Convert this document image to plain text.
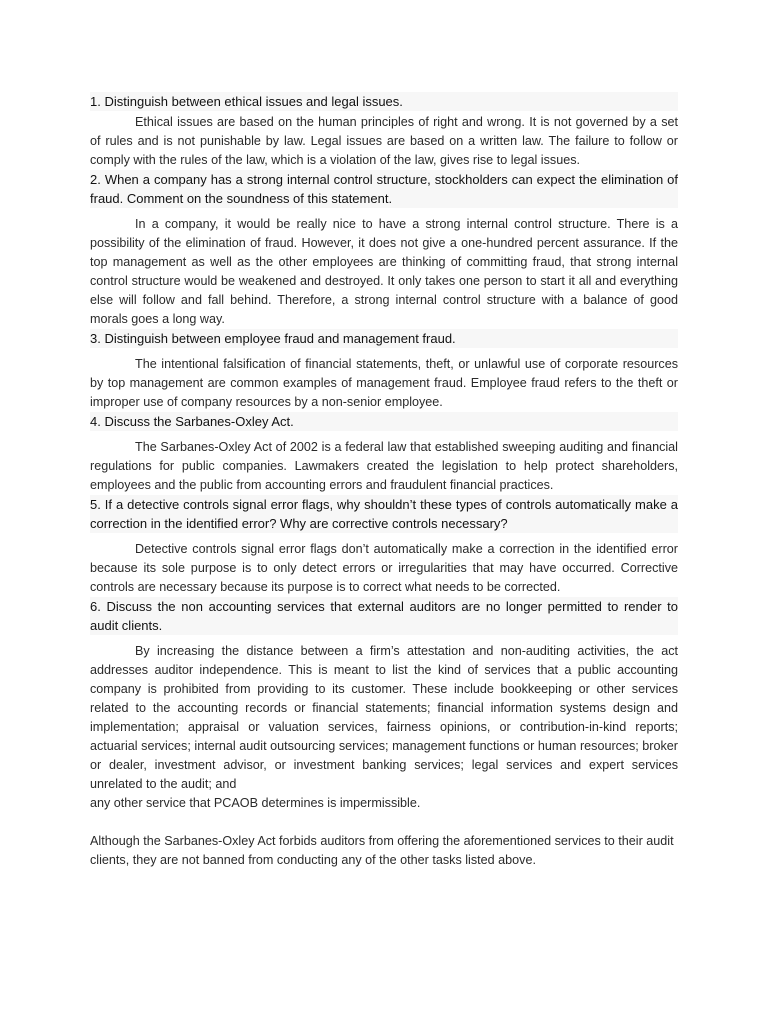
1. Distinguish between ethical issues and legal issues.

Ethical issues are based on the human principles of right and wrong. It is not governed by a set of rules and is not punishable by law. Legal issues are based on a written law. The failure to follow or comply with the rules of the law, which is a violation of the law, gives rise to legal issues.

2. When a company has a strong internal control structure, stockholders can expect the elimination of fraud. Comment on the soundness of this statement.

In a company, it would be really nice to have a strong internal control structure. There is a possibility of the elimination of fraud. However, it does not give a one-hundred percent assurance. If the top management as well as the other employees are thinking of committing fraud, that strong internal control structure would be weakened and destroyed. It only takes one person to start it all and everything else will follow and fall behind. Therefore, a strong internal control structure with a balance of good morals goes a long way.

3. Distinguish between employee fraud and management fraud.

The intentional falsification of financial statements, theft, or unlawful use of corporate resources by top management are common examples of management fraud. Employee fraud refers to the theft or improper use of company resources by a non-senior employee.

4. Discuss the Sarbanes-Oxley Act.

The Sarbanes-Oxley Act of 2002 is a federal law that established sweeping auditing and financial regulations for public companies. Lawmakers created the legislation to help protect shareholders, employees and the public from accounting errors and fraudulent financial practices.

5. If a detective controls signal error flags, why shouldn’t these types of controls automatically make a correction in the identified error? Why are corrective controls necessary?

Detective controls signal error flags don’t automatically make a correction in the identified error because its sole purpose is to only detect errors or irregularities that may have occurred. Corrective controls are necessary because its purpose is to correct what needs to be corrected.

6. Discuss the non accounting services that external auditors are no longer permitted to render to audit clients.

By increasing the distance between a firm’s attestation and non-auditing activities, the act addresses auditor independence. This is meant to list the kind of services that a public accounting company is prohibited from providing to its customer. These include bookkeeping or other services related to the accounting records or financial statements; financial information systems design and implementation; appraisal or valuation services, fairness opinions, or contribution-in-kind reports; actuarial services; internal audit outsourcing services; management functions or human resources; broker or dealer, investment advisor, or investment banking services; legal services and expert services unrelated to the audit; and

any other service that PCAOB determines is impermissible.

Although the Sarbanes-Oxley Act forbids auditors from offering the aforementioned services to their audit clients, they are not banned from conducting any of the other tasks listed above.
